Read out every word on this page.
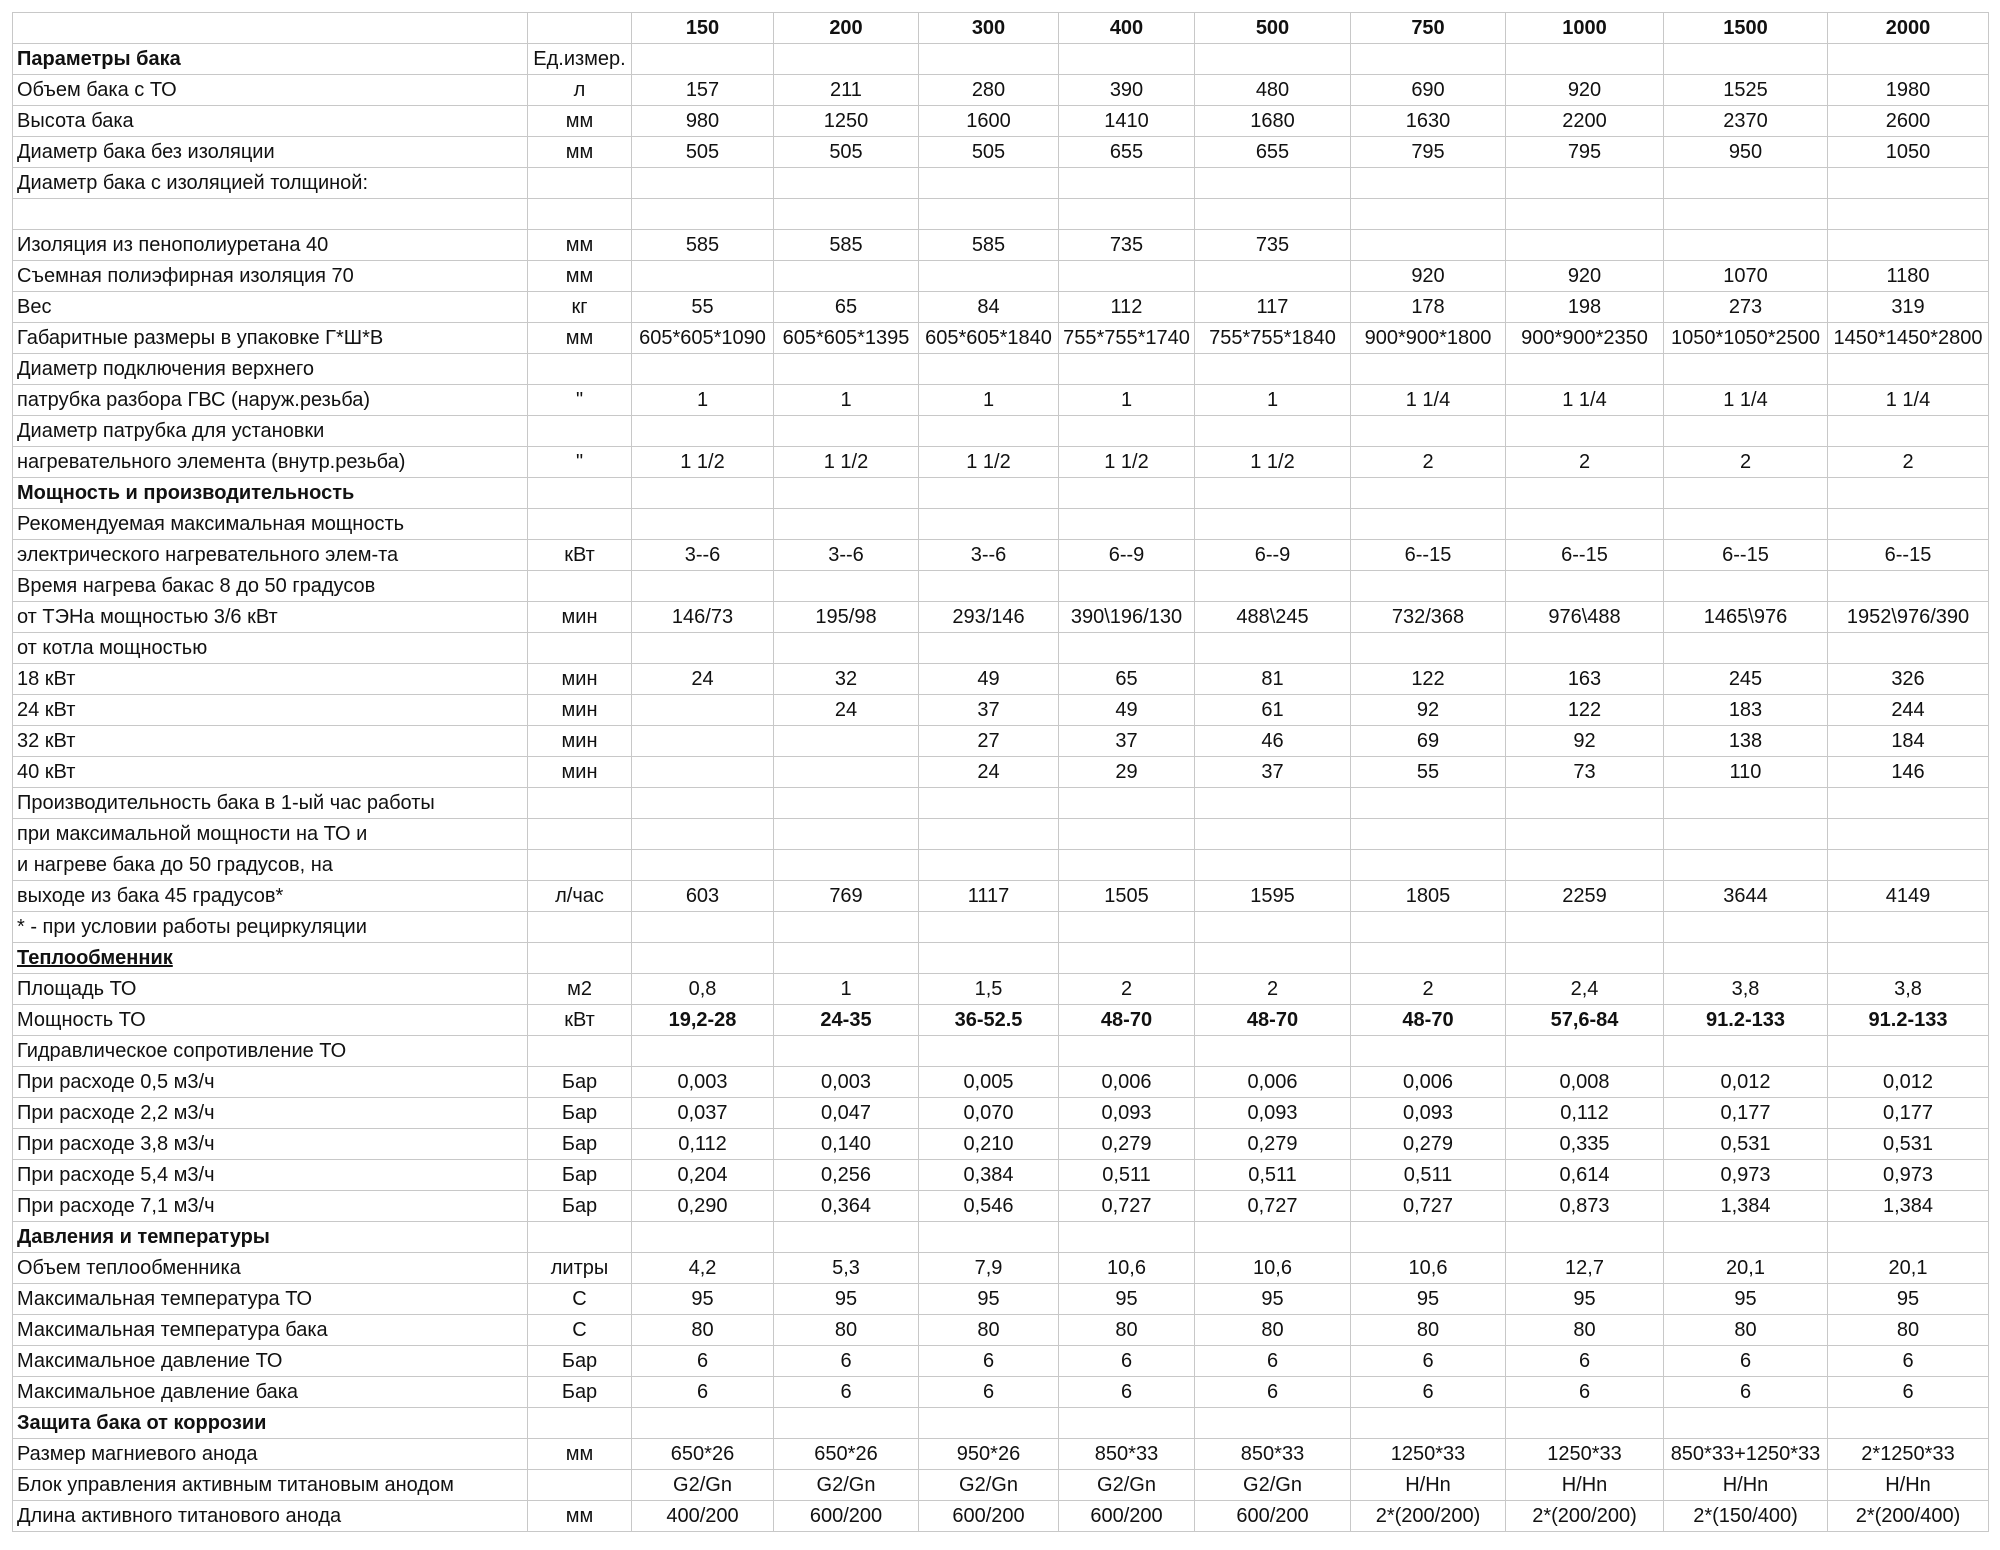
		150	200	300	400	500	750	1000	1500	2000
Параметры бака	Ед.измер.									
Объем бака с ТО	л	157	211	280	390	480	690	920	1525	1980
Высота бака	мм	980	1250	1600	1410	1680	1630	2200	2370	2600
Диаметр бака без изоляции	мм	505	505	505	655	655	795	795	950	1050
Диаметр бака с изоляцией толщиной:										

Изоляция из пенополиуретана 40	мм	585	585	585	735	735				
Съемная полиэфирная изоляция 70	мм						920	920	1070	1180
Вес	кг	55	65	84	112	117	178	198	273	319
Габаритные размеры в упаковке Г*Ш*В	мм	605*605*1090	605*605*1395	605*605*1840	755*755*1740	755*755*1840	900*900*1800	900*900*2350	1050*1050*2500	1450*1450*2800
Диаметр подключения верхнего										
патрубка разбора ГВС (наруж.резьба)	"	1	1	1	1	1	1 1/4	1 1/4	1 1/4	1 1/4
Диаметр патрубка для установки										
нагревательного элемента (внутр.резьба)	"	1 1/2	1 1/2	1 1/2	1 1/2	1 1/2	2	2	2	2
Мощность и производительность										
Рекомендуемая максимальная мощность										
электрического нагревательного элем-та	кВт	3--6	3--6	3--6	6--9	6--9	6--15	6--15	6--15	6--15
Время нагрева бакас 8 до 50 градусов										
от ТЭНа мощностью 3/6 кВт	мин	146/73	195/98	293/146	390\196/130	488\245	732/368	976\488	1465\976	1952\976/390
от котла мощностью										
18 кВт	мин	24	32	49	65	81	122	163	245	326
24 кВт	мин		24	37	49	61	92	122	183	244
32 кВт	мин			27	37	46	69	92	138	184
40 кВт	мин			24	29	37	55	73	110	146
Производительность бака в 1-ый час работы										
при максимальной мощности на ТО и										
и нагреве бака до 50 градусов, на										
выходе из бака 45 градусов*	л/час	603	769	1117	1505	1595	1805	2259	3644	4149
* - при условии работы рециркуляции										
Теплообменник										
Площадь ТО	м2	0,8	1	1,5	2	2	2	2,4	3,8	3,8
Мощность ТО	кВт	19,2-28	24-35	36-52.5	48-70	48-70	48-70	57,6-84	91.2-133	91.2-133
Гидравлическое сопротивление ТО										
При расходе 0,5 м3/ч	Бар	0,003	0,003	0,005	0,006	0,006	0,006	0,008	0,012	0,012
При расходе 2,2 м3/ч	Бар	0,037	0,047	0,070	0,093	0,093	0,093	0,112	0,177	0,177
При расходе 3,8 м3/ч	Бар	0,112	0,140	0,210	0,279	0,279	0,279	0,335	0,531	0,531
При расходе 5,4 м3/ч	Бар	0,204	0,256	0,384	0,511	0,511	0,511	0,614	0,973	0,973
При расходе 7,1 м3/ч	Бар	0,290	0,364	0,546	0,727	0,727	0,727	0,873	1,384	1,384
Давления и температуры										
Объем теплообменника	литры	4,2	5,3	7,9	10,6	10,6	10,6	12,7	20,1	20,1
Максимальная температура ТО	С	95	95	95	95	95	95	95	95	95
Максимальная температура бака	С	80	80	80	80	80	80	80	80	80
Максимальное давление ТО	Бар	6	6	6	6	6	6	6	6	6
Максимальное давление бака	Бар	6	6	6	6	6	6	6	6	6
Защита бака от коррозии										
Размер магниевого анода	мм	650*26	650*26	950*26	850*33	850*33	1250*33	1250*33	850*33+1250*33	2*1250*33
Блок управления активным титановым анодом		G2/Gn	G2/Gn	G2/Gn	G2/Gn	G2/Gn	H/Hn	H/Hn	H/Hn	H/Hn
Длина активного титанового анода	мм	400/200	600/200	600/200	600/200	600/200	2*(200/200)	2*(200/200)	2*(150/400)	2*(200/400)
